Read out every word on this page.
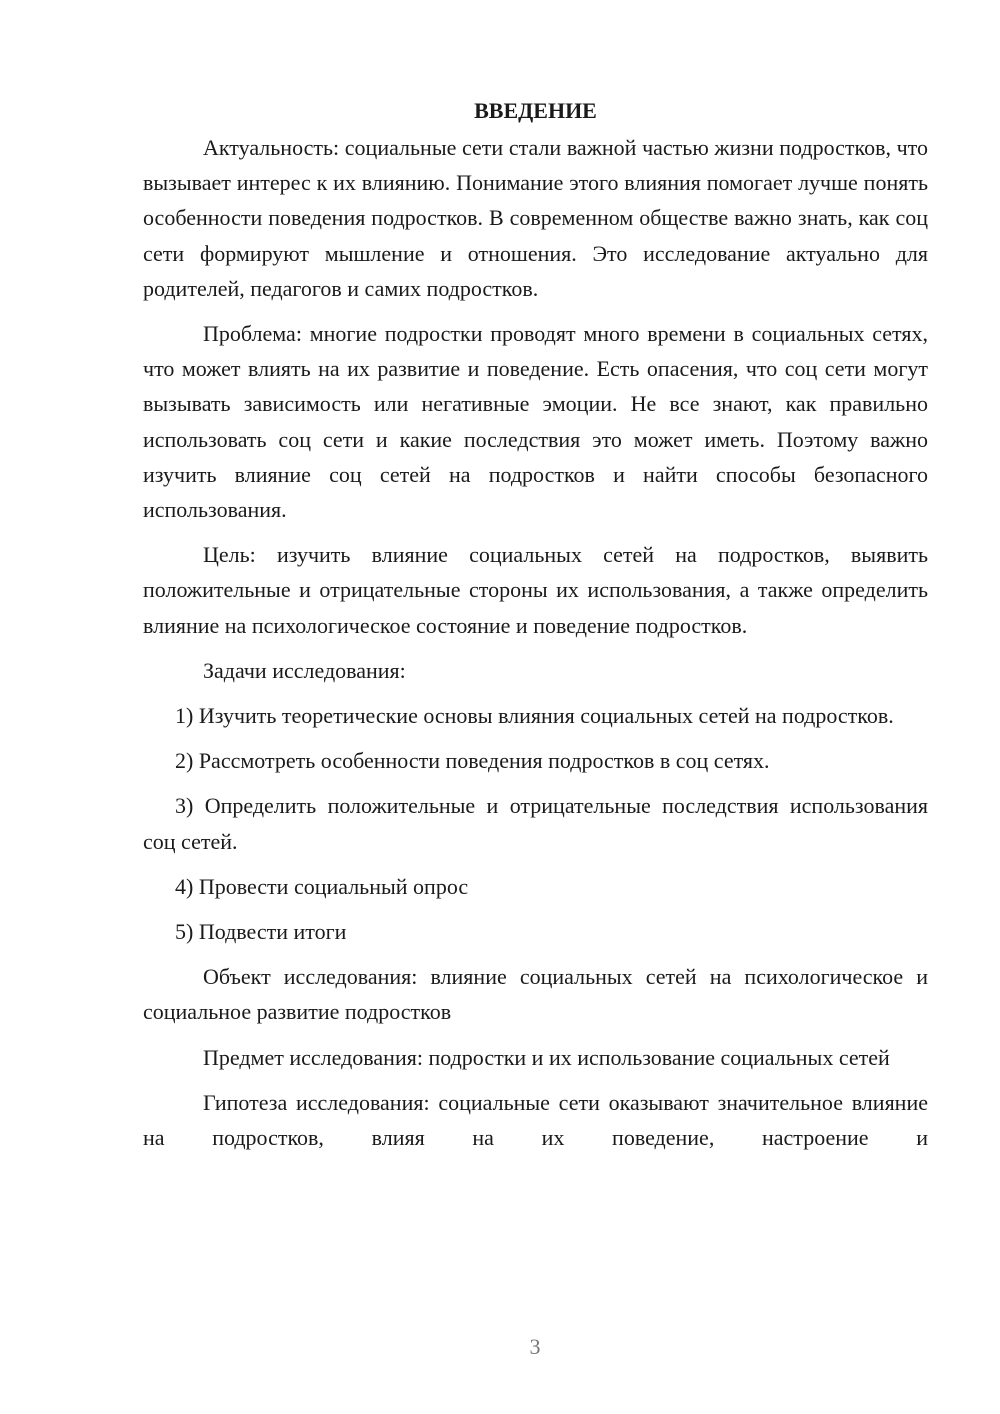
ВВЕДЕНИЕ
Актуальность: социальные сети стали важной частью жизни подростков, что вызывает интерес к их влиянию. Понимание этого влияния помогает лучше понять особенности поведения подростков. В современном обществе важно знать, как соц сети формируют мышление и отношения. Это исследование актуально для родителей, педагогов и самих подростков.
Проблема: многие подростки проводят много времени в социальных сетях, что может влиять на их развитие и поведение. Есть опасения, что соц сети могут вызывать зависимость или негативные эмоции. Не все знают, как правильно использовать соц сети и какие последствия это может иметь. Поэтому важно изучить влияние соц сетей на подростков и найти способы безопасного использования.
Цель: изучить влияние социальных сетей на подростков, выявить положительные и отрицательные стороны их использования, а также определить влияние на психологическое состояние и поведение подростков.
Задачи исследования:
1) Изучить теоретические основы влияния социальных сетей на подростков.
2) Рассмотреть особенности поведения подростков в соц сетях.
3) Определить положительные и отрицательные последствия использования соц сетей.
4) Провести социальный опрос
5) Подвести итоги
Объект исследования: влияние социальных сетей на психологическое и социальное развитие подростков
Предмет исследования: подростки и их использование социальных сетей
Гипотеза исследования: социальные сети оказывают значительное влияние на подростков, влияя на их поведение, настроение и
3
